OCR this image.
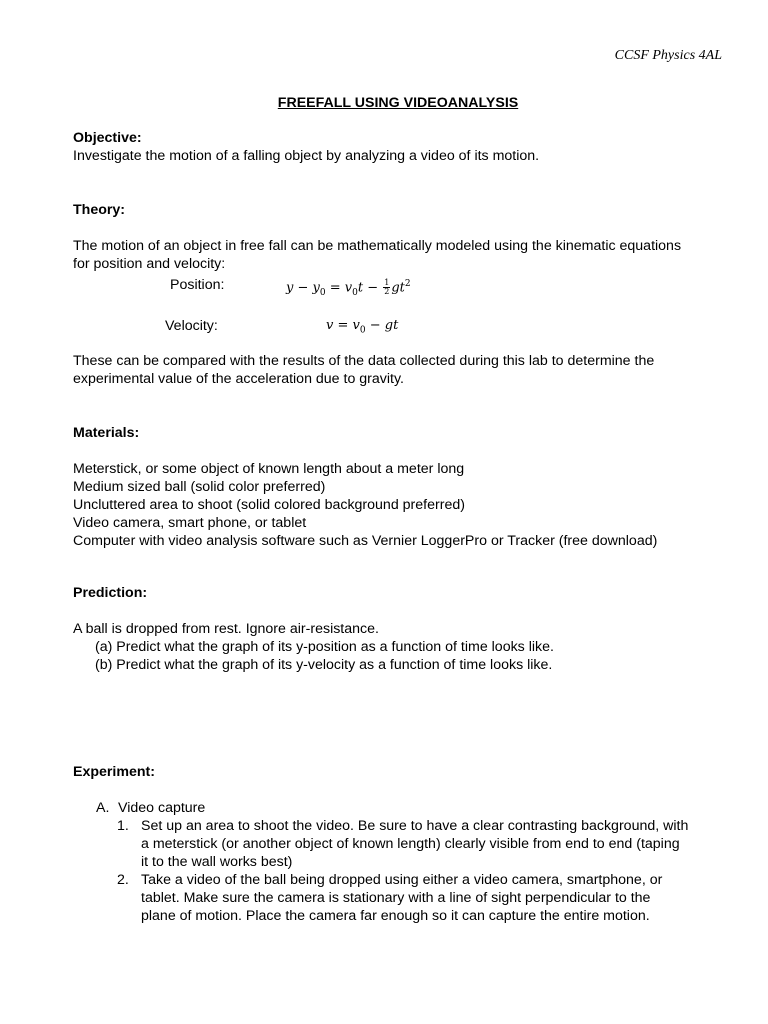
CCSF Physics 4AL
FREEFALL USING VIDEOANALYSIS
Objective:
Investigate the motion of a falling object by analyzing a video of its motion.
Theory:
The motion of an object in free fall can be mathematically modeled using the kinematic equations
for position and velocity:
Position:	$y - y_0 = v_0t - \frac{1}{2} gt^2$
Velocity:	$v = v_0$ − gt
These can be compared with the results of the data collected during this lab to determine the
experimental value of the acceleration due to gravity.
Materials:
Meterstick, or some object of known length about a meter long
Medium sized ball (solid color preferred)
Uncluttered area to shoot (solid colored background preferred)
Video camera, smart phone, or tablet
Computer with video analysis software such as Vernier LoggerPro or Tracker (free download)
Prediction:
A ball is dropped from rest. Ignore air-resistance.
(a) Predict what the graph of its y-position as a function of time looks like.
(b) Predict what the graph of its y-velocity as a function of time looks like.
Experiment:
A. Video capture
1. Set up an area to shoot the video. Be sure to have a clear contrasting background, with
a meterstick (or another object of known length) clearly visible from end to end (taping
it to the wall works best)
2. Take a video of the ball being dropped using either a video camera, smartphone, or
tablet. Make sure the camera is stationary with a line of sight perpendicular to the
plane of motion. Place the camera far enough so it can capture the entire motion.
